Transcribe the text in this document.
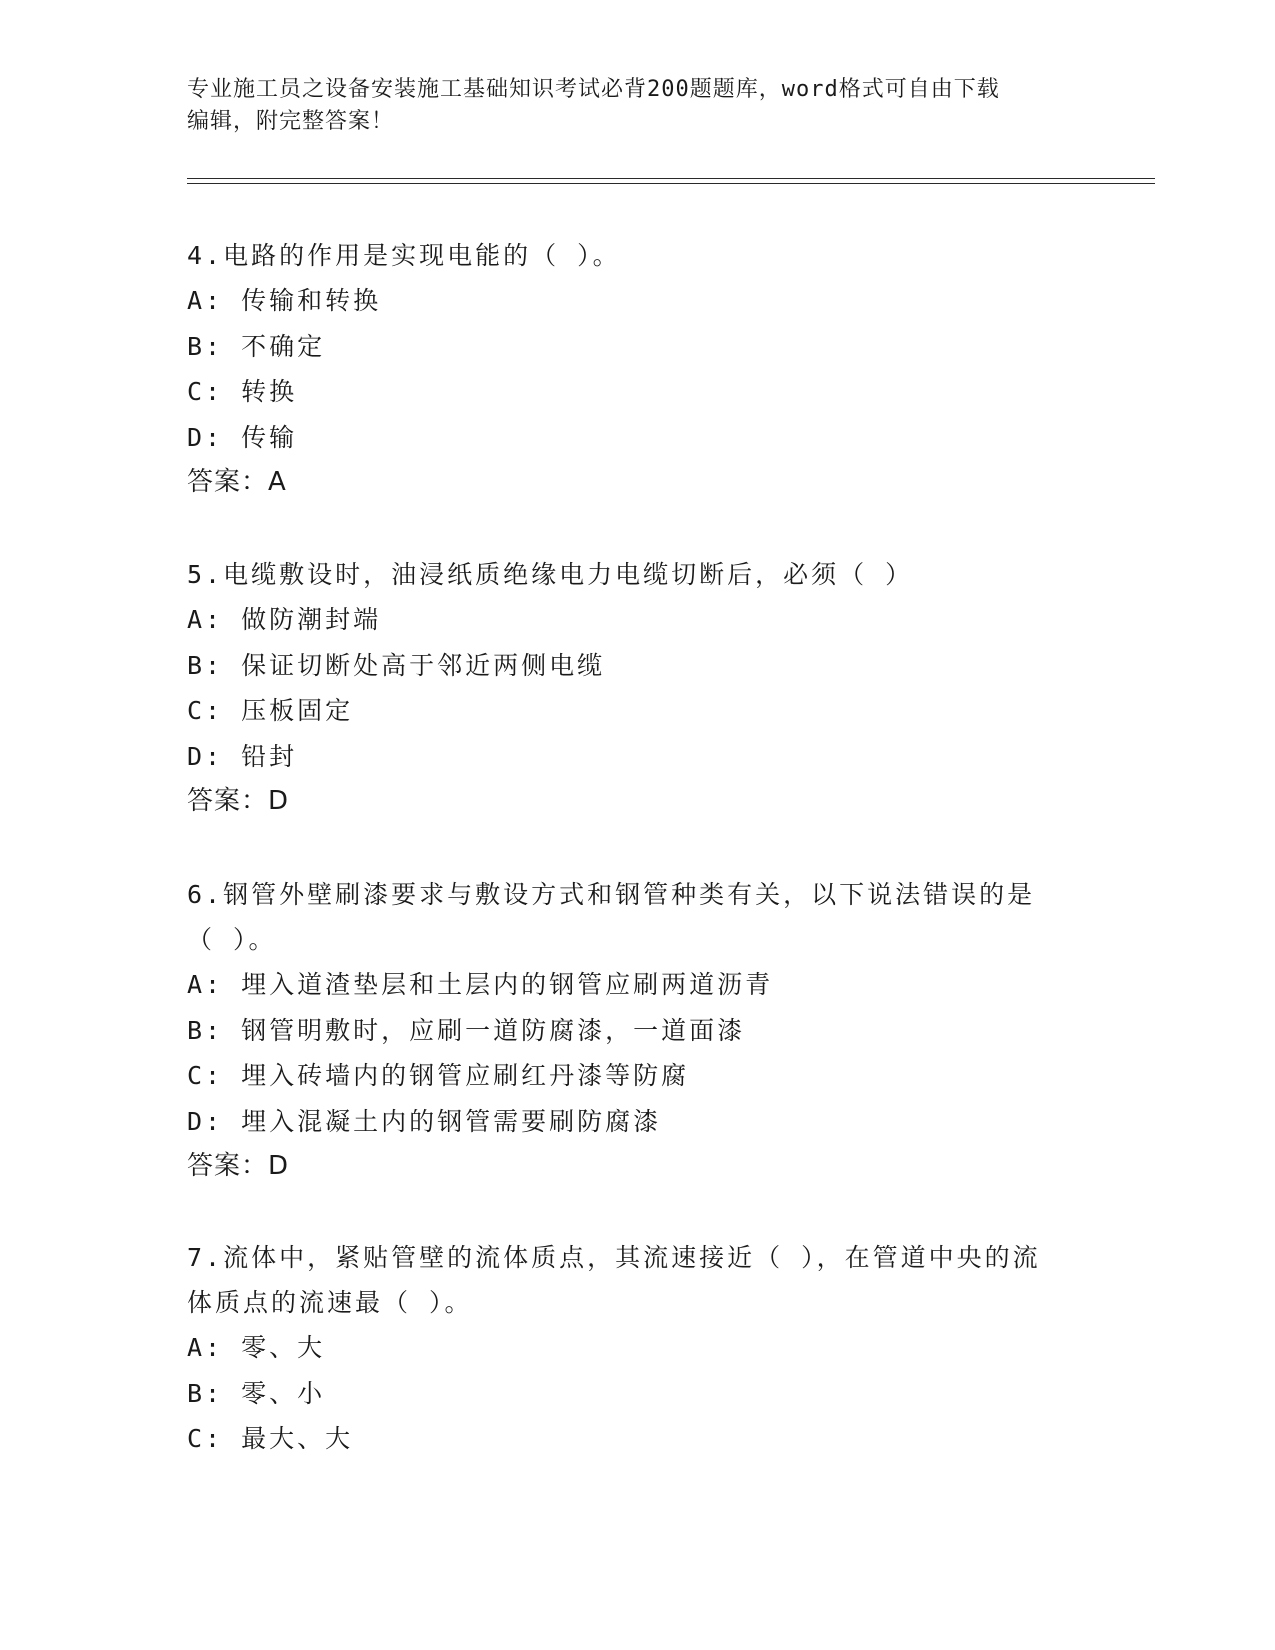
专业施工员之设备安装施工基础知识考试必背200题题库，word格式可自由下载
编辑，附完整答案！
4.电路的作用是实现电能的（ ）。
A: 传输和转换
B: 不确定
C: 转换
D: 传输
答案：A
5.电缆敷设时，油浸纸质绝缘电力电缆切断后，必须（ ）
A: 做防潮封端
B: 保证切断处高于邻近两侧电缆
C: 压板固定
D: 铅封
答案：D
6.钢管外壁刷漆要求与敷设方式和钢管种类有关，以下说法错误的是
（ ）。
A: 埋入道渣垫层和土层内的钢管应刷两道沥青
B: 钢管明敷时，应刷一道防腐漆，一道面漆
C: 埋入砖墙内的钢管应刷红丹漆等防腐
D: 埋入混凝土内的钢管需要刷防腐漆
答案：D
7.流体中，紧贴管壁的流体质点，其流速接近（ ），在管道中央的流
体质点的流速最（ ）。
A: 零、大
B: 零、小
C: 最大、大
